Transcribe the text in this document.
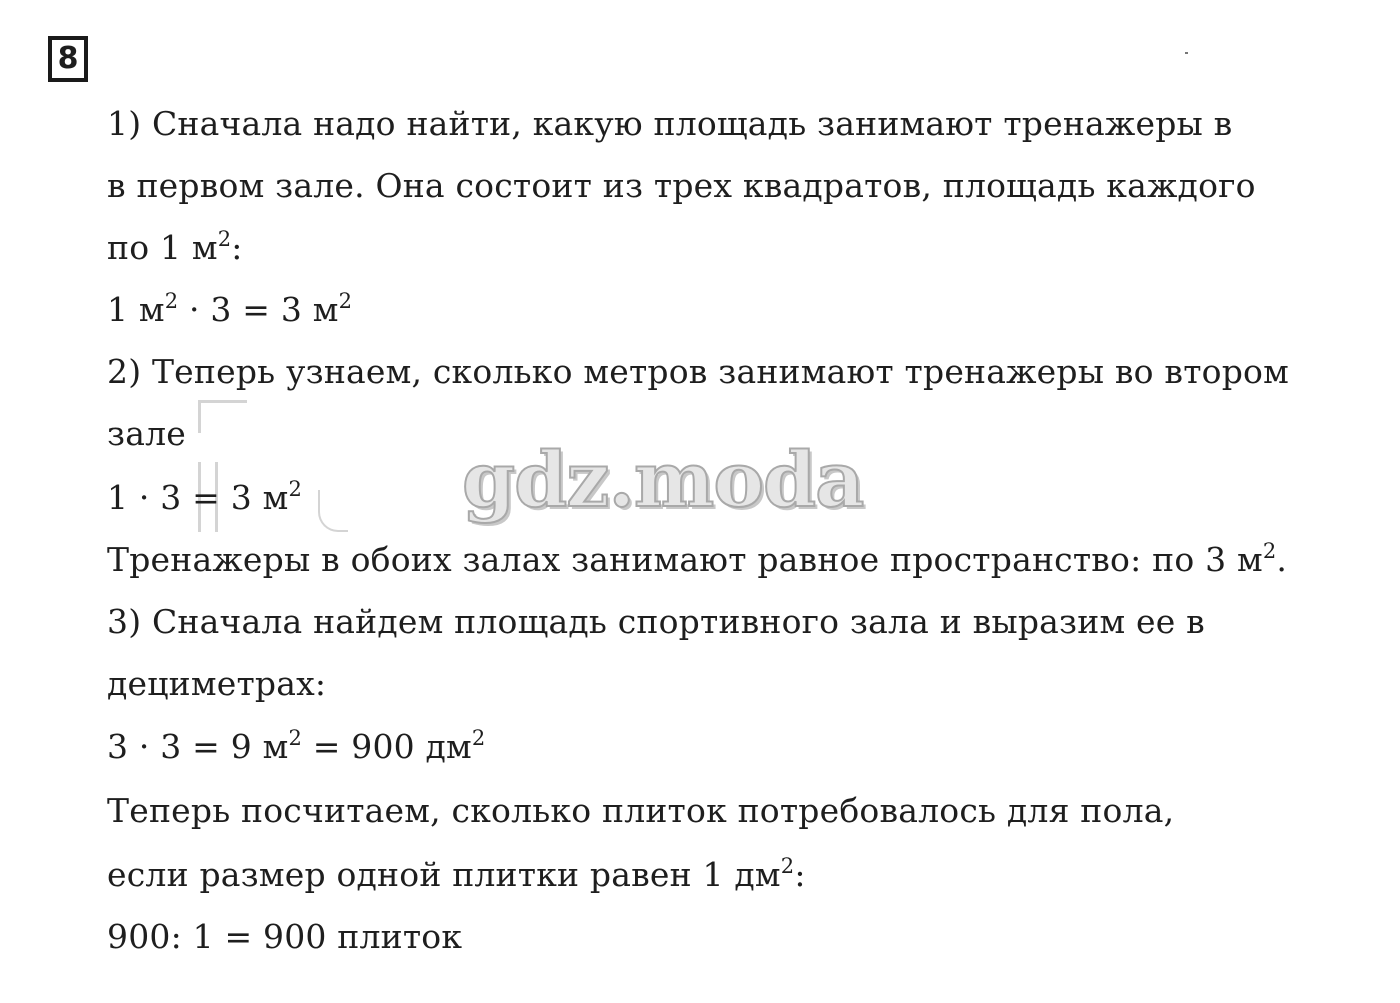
8
gdz.moda
1) Сначала надо найти, какую площадь занимают тренажеры в
в первом зале. Она состоит из трех квадратов, площадь каждого
по 1 $м^2$:
1 $м^2 \cdot 3 = 3$ $м^2$
2) Теперь узнаем, сколько метров занимают тренажеры во втором
зале
1 · 3 = 3 $м^2$
Тренажеры в обоих залах занимают равное пространство: по 3 $м^2$.
3) Сначала найдем площадь спортивного зала и выразим ее в
дециметрах:
3 · 3 = 9 $м^2 = 900$ $дм^2$
Теперь посчитаем, сколько плиток потребовалось для пола,
если размер одной плитки равен 1 $дм^2$:
900: 1 = 900 плиток
